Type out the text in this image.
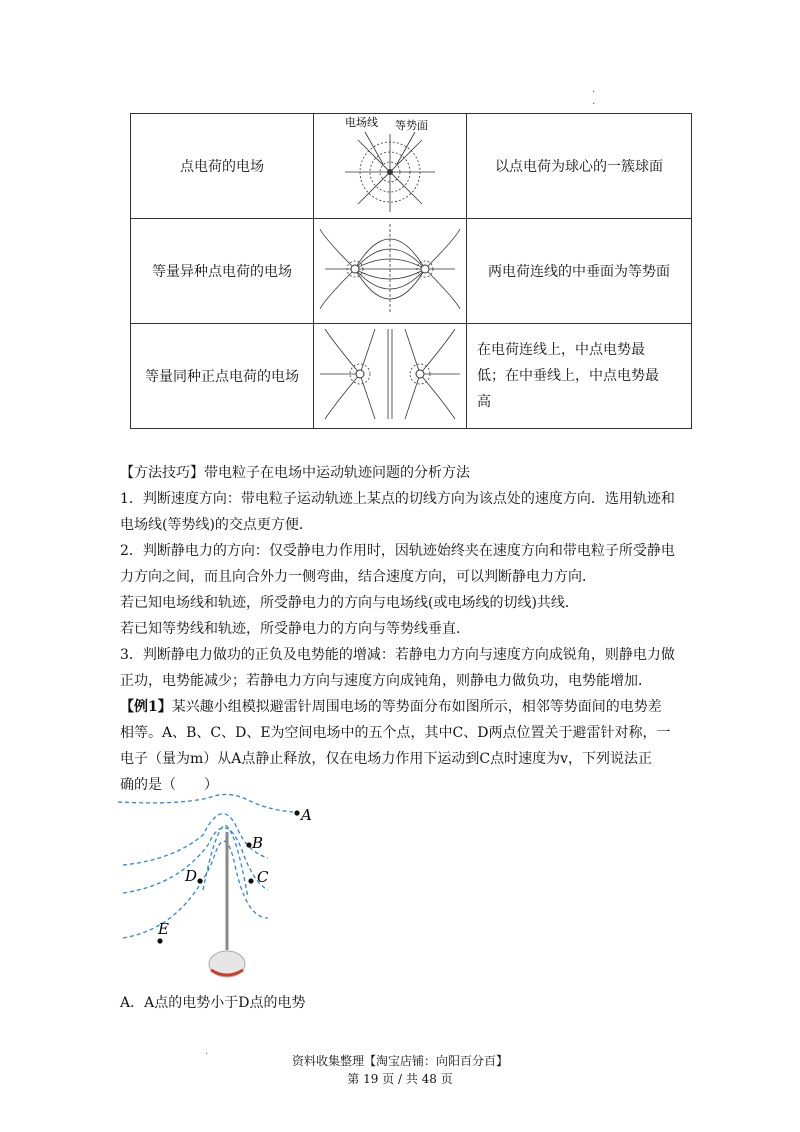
.
.
点电荷的电场	电场线 等势面	以点电荷为球心的一簇球面
等量异种点电荷的电场		两电荷连线的中垂面为等势面
等量同种正点电荷的电场		在电荷连线上，中点电势最
低；在中垂线上，中点电势最
高

【方法技巧】带电粒子在电场中运动轨迹问题的分析方法

1．判断速度方向：带电粒子运动轨迹上某点的切线方向为该点处的速度方向．选用轨迹和

电场线(等势线)的交点更方便．

2．判断静电力的方向：仅受静电力作用时，因轨迹始终夹在速度方向和带电粒子所受静电

力方向之间，而且向合外力一侧弯曲，结合速度方向，可以判断静电力方向．

若已知电场线和轨迹，所受静电力的方向与电场线(或电场线的切线)共线．

若已知等势线和轨迹，所受静电力的方向与等势线垂直．

3．判断静电力做功的正负及电势能的增减：若静电力方向与速度方向成锐角，则静电力做

正功，电势能减少；若静电力方向与速度方向成钝角，则静电力做负功，电势能增加．

【例1】某兴趣小组模拟避雷针周围电场的等势面分布如图所示，相邻等势面间的电势差

相等。A、B、C、D、E为空间电场中的五个点，其中C、D两点位置关于避雷针对称，一

电子（量为m）从A点静止释放，仅在电场力作用下运动到C点时速度为v，下列说法正

确的是（　　）

A
B
C
D
E
A．A点的电势小于D点的电势
.
资料收集整理【淘宝店铺：向阳百分百】
第 19 页 / 共 48 页
